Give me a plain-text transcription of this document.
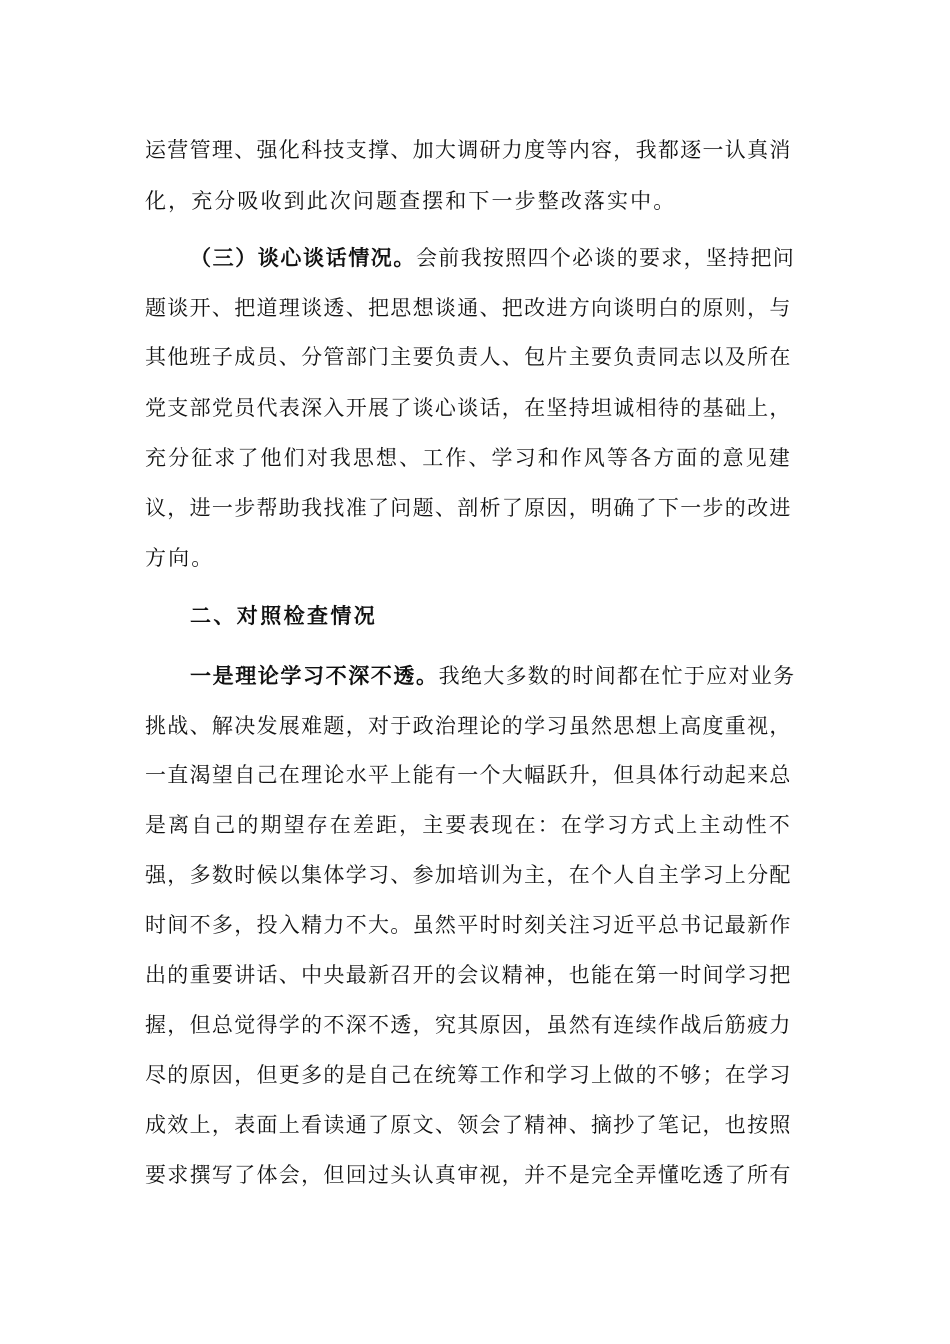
运营管理、强化科技支撑、加大调研力度等内容，我都逐一认真消
化，充分吸收到此次问题查摆和下一步整改落实中。
（三）谈心谈话情况。会前我按照四个必谈的要求，坚持把问
题谈开、把道理谈透、把思想谈通、把改进方向谈明白的原则，与
其他班子成员、分管部门主要负责人、包片主要负责同志以及所在
党支部党员代表深入开展了谈心谈话，在坚持坦诚相待的基础上，
充分征求了他们对我思想、工作、学习和作风等各方面的意见建
议，进一步帮助我找准了问题、剖析了原因，明确了下一步的改进
方向。
二、对照检查情况
一是理论学习不深不透。我绝大多数的时间都在忙于应对业务
挑战、解决发展难题，对于政治理论的学习虽然思想上高度重视，
一直渴望自己在理论水平上能有一个大幅跃升，但具体行动起来总
是离自己的期望存在差距，主要表现在：在学习方式上主动性不
强，多数时候以集体学习、参加培训为主，在个人自主学习上分配
时间不多，投入精力不大。虽然平时时刻关注习近平总书记最新作
出的重要讲话、中央最新召开的会议精神，也能在第一时间学习把
握，但总觉得学的不深不透，究其原因，虽然有连续作战后筋疲力
尽的原因，但更多的是自己在统筹工作和学习上做的不够；在学习
成效上，表面上看读通了原文、领会了精神、摘抄了笔记，也按照
要求撰写了体会，但回过头认真审视，并不是完全弄懂吃透了所有
